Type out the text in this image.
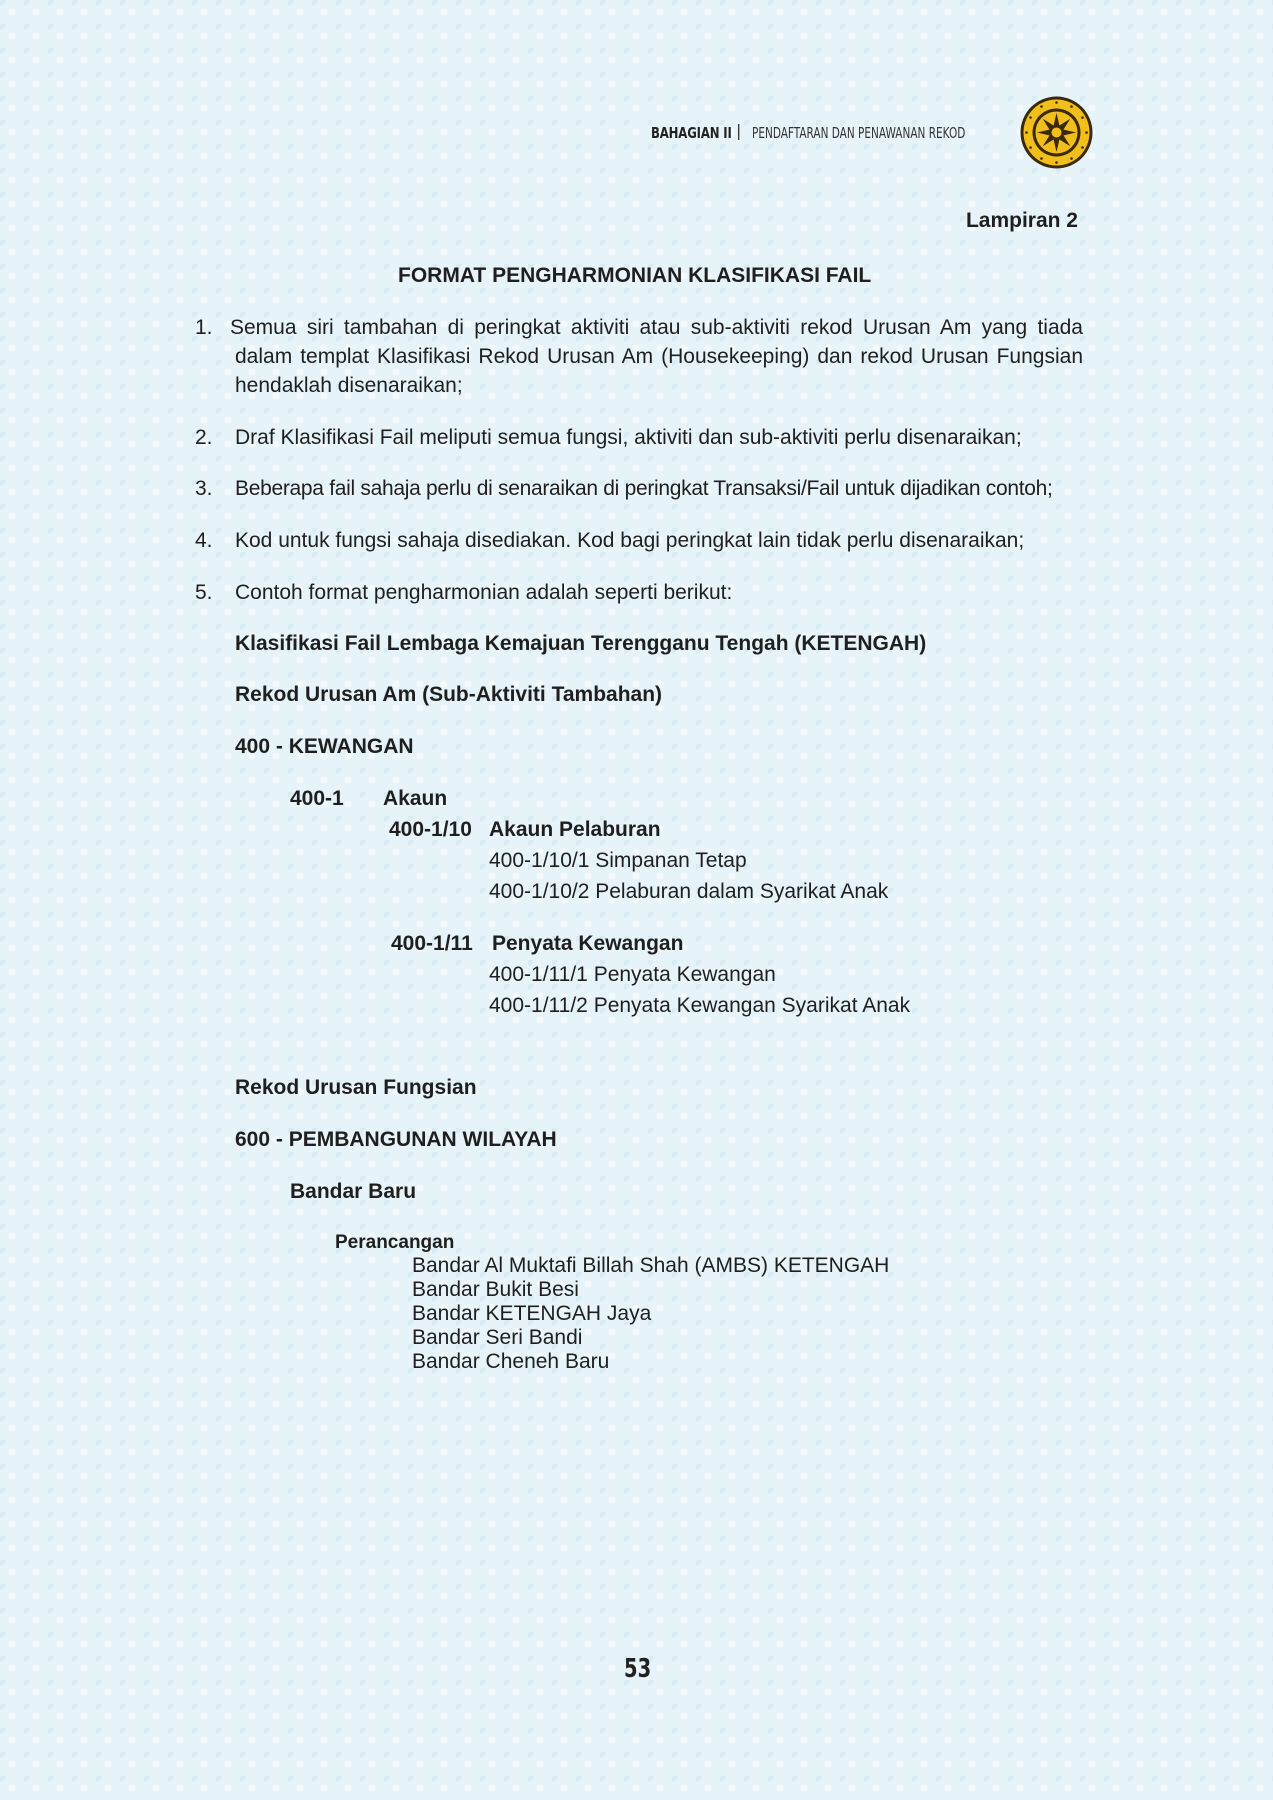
BAHAGIAN II | PENDAFTARAN DAN PENAWANAN REKOD
Lampiran 2
FORMAT PENGHARMONIAN KLASIFIKASI FAIL
1. Semua siri tambahan di peringkat aktiviti atau sub-aktiviti rekod Urusan Am yang tiada dalam templat Klasifikasi Rekod Urusan Am (Housekeeping) dan rekod Urusan Fungsian hendaklah disenaraikan;
2. Draf Klasifikasi Fail meliputi semua fungsi, aktiviti dan sub-aktiviti perlu disenaraikan;
3. Beberapa fail sahaja perlu di senaraikan di peringkat Transaksi/Fail untuk dijadikan contoh;
4. Kod untuk fungsi sahaja disediakan. Kod bagi peringkat lain tidak perlu disenaraikan;
5. Contoh format pengharmonian adalah seperti berikut:
Klasifikasi Fail Lembaga Kemajuan Terengganu Tengah (KETENGAH)
Rekod Urusan Am (Sub-Aktiviti Tambahan)
400 - KEWANGAN
400-1 Akaun
400-1/10 Akaun Pelaburan
400-1/10/1 Simpanan Tetap
400-1/10/2 Pelaburan dalam Syarikat Anak
400-1/11 Penyata Kewangan
400-1/11/1 Penyata Kewangan
400-1/11/2 Penyata Kewangan Syarikat Anak
Rekod Urusan Fungsian
600 - PEMBANGUNAN WILAYAH
Bandar Baru
Perancangan
Bandar Al Muktafi Billah Shah (AMBS) KETENGAH
Bandar Bukit Besi
Bandar KETENGAH Jaya
Bandar Seri Bandi
Bandar Cheneh Baru
53
